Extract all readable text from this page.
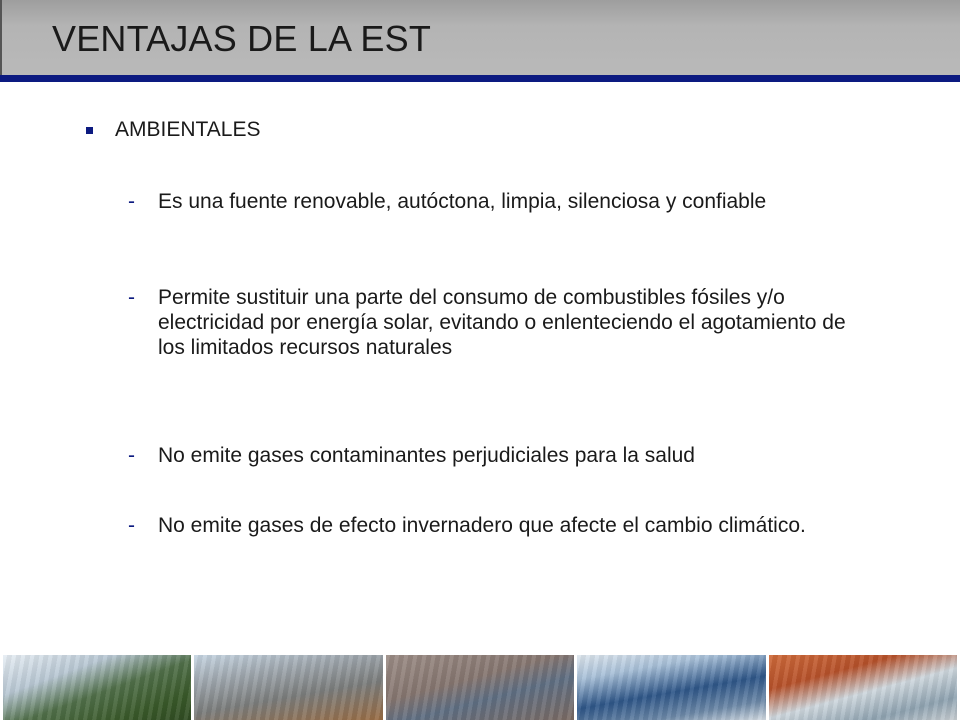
VENTAJAS DE LA EST
AMBIENTALES
-	Es una fuente renovable, autóctona, limpia, silenciosa y confiable
-	Permite sustituir una parte del consumo de combustibles fósiles y/o electricidad por energía solar, evitando o enlenteciendo el agotamiento de los limitados recursos naturales
-	No emite gases contaminantes perjudiciales para la salud
-	No emite gases de efecto invernadero que afecte el cambio climático.
